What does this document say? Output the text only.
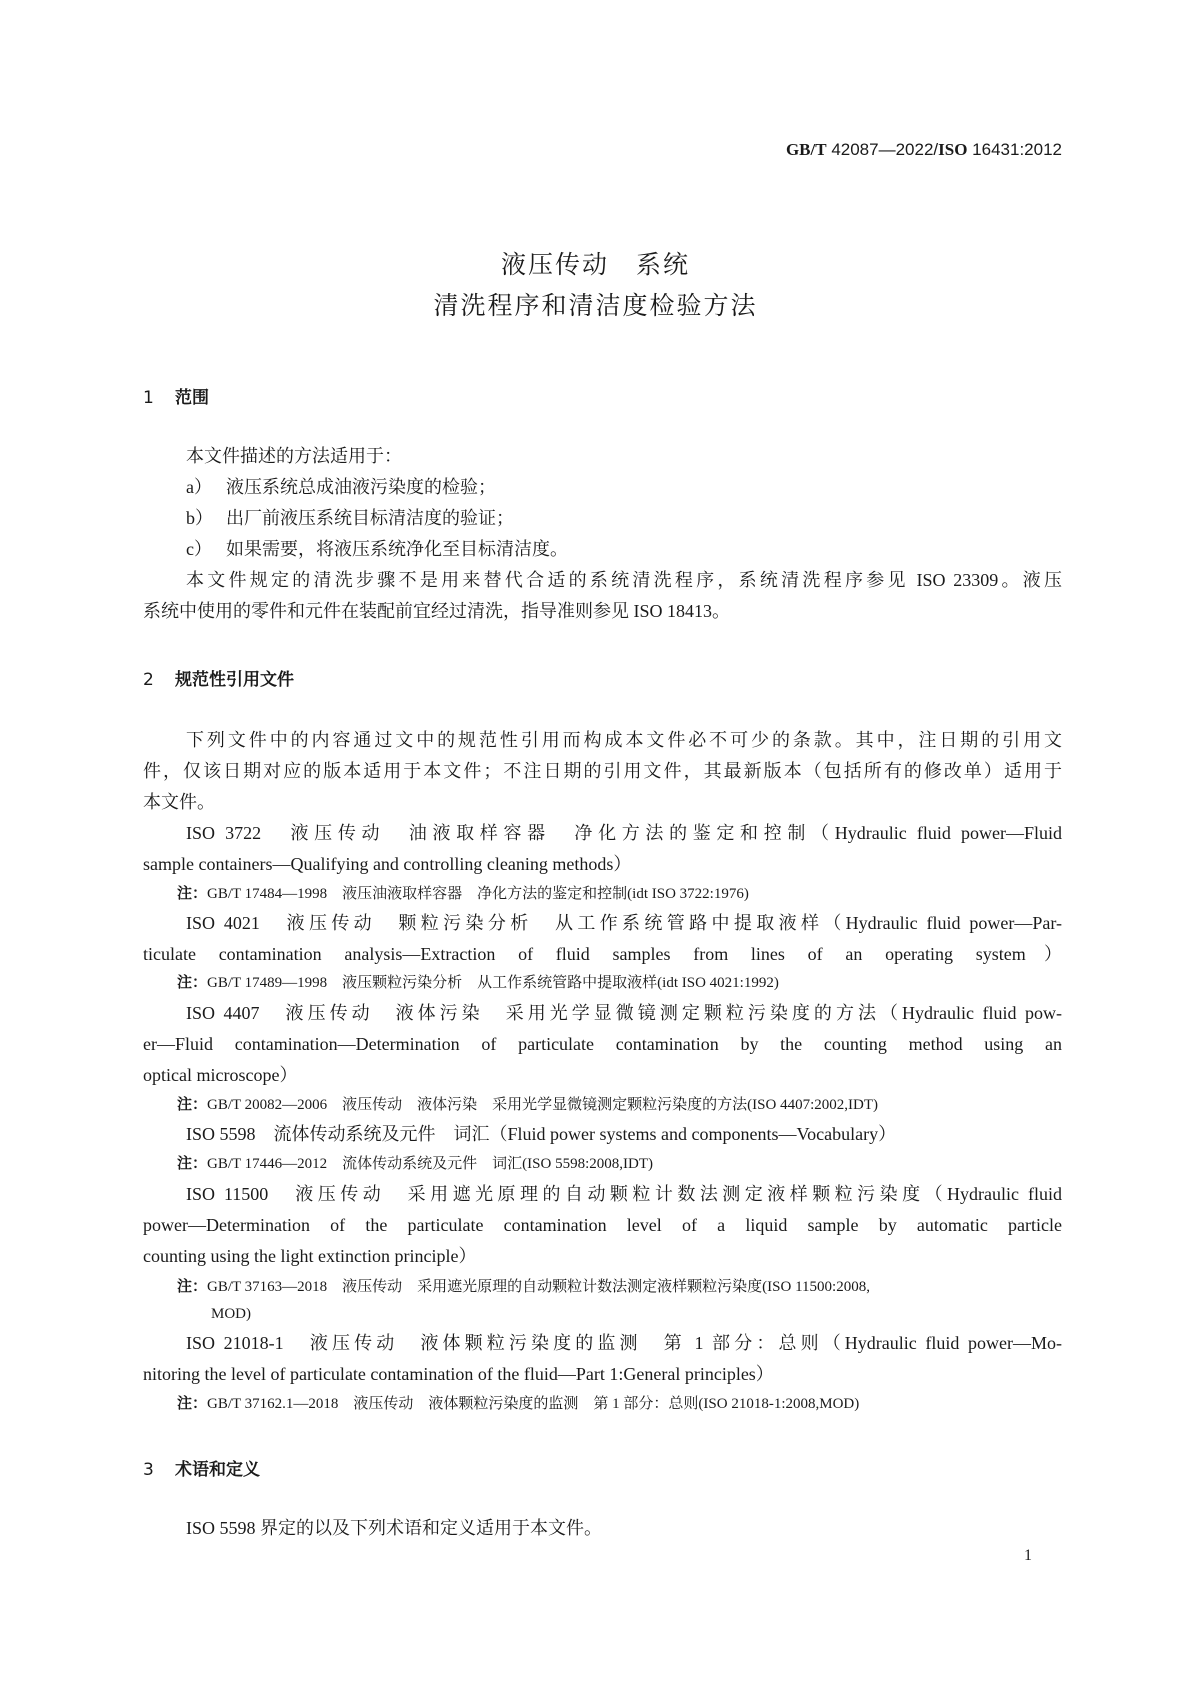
GB/T 42087—2022/ISO 16431:2012
液压传动　系统
清洗程序和清洁度检验方法
1 范围
本文件描述的方法适用于：
a） 液压系统总成油液污染度的检验；
b） 出厂前液压系统目标清洁度的验证；
c） 如果需要，将液压系统净化至目标清洁度。
本文件规定的清洗步骤不是用来替代合适的系统清洗程序，系统清洗程序参见 ISO 23309。液压
系统中使用的零件和元件在装配前宜经过清洗，指导准则参见 ISO 18413。
2 规范性引用文件
下列文件中的内容通过文中的规范性引用而构成本文件必不可少的条款。其中，注日期的引用文
件，仅该日期对应的版本适用于本文件；不注日期的引用文件，其最新版本（包括所有的修改单）适用于
本文件。
ISO 3722　液压传动　油液取样容器　净化方法的鉴定和控制（Hydraulic fluid power—Fluid
sample containers—Qualifying and controlling cleaning methods）
注：GB/T 17484—1998　液压油液取样容器　净化方法的鉴定和控制(idt ISO 3722:1976)
ISO 4021　液压传动　颗粒污染分析　从工作系统管路中提取液样（Hydraulic fluid power—Par-
ticulate contamination analysis—Extraction of fluid samples from lines of an operating system）
注：GB/T 17489—1998　液压颗粒污染分析　从工作系统管路中提取液样(idt ISO 4021:1992)
ISO 4407　液压传动　液体污染　采用光学显微镜测定颗粒污染度的方法（Hydraulic fluid pow-
er—Fluid contamination—Determination of particulate contamination by the counting method using an
optical microscope）
注：GB/T 20082—2006　液压传动　液体污染　采用光学显微镜测定颗粒污染度的方法(ISO 4407:2002,IDT)
ISO 5598　流体传动系统及元件　词汇（Fluid power systems and components—Vocabulary）
注：GB/T 17446—2012　流体传动系统及元件　词汇(ISO 5598:2008,IDT)
ISO 11500　液压传动　采用遮光原理的自动颗粒计数法测定液样颗粒污染度（Hydraulic fluid
power—Determination of the particulate contamination level of a liquid sample by automatic particle
counting using the light extinction principle）
注：GB/T 37163—2018　液压传动　采用遮光原理的自动颗粒计数法测定液样颗粒污染度(ISO 11500:2008,
MOD)
ISO 21018-1　液压传动　液体颗粒污染度的监测　第 1 部分：总则（Hydraulic fluid power—Mo-
nitoring the level of particulate contamination of the fluid—Part 1:General principles）
注：GB/T 37162.1—2018　液压传动　液体颗粒污染度的监测　第 1 部分：总则(ISO 21018-1:2008,MOD)
3 术语和定义
ISO 5598 界定的以及下列术语和定义适用于本文件。
1
